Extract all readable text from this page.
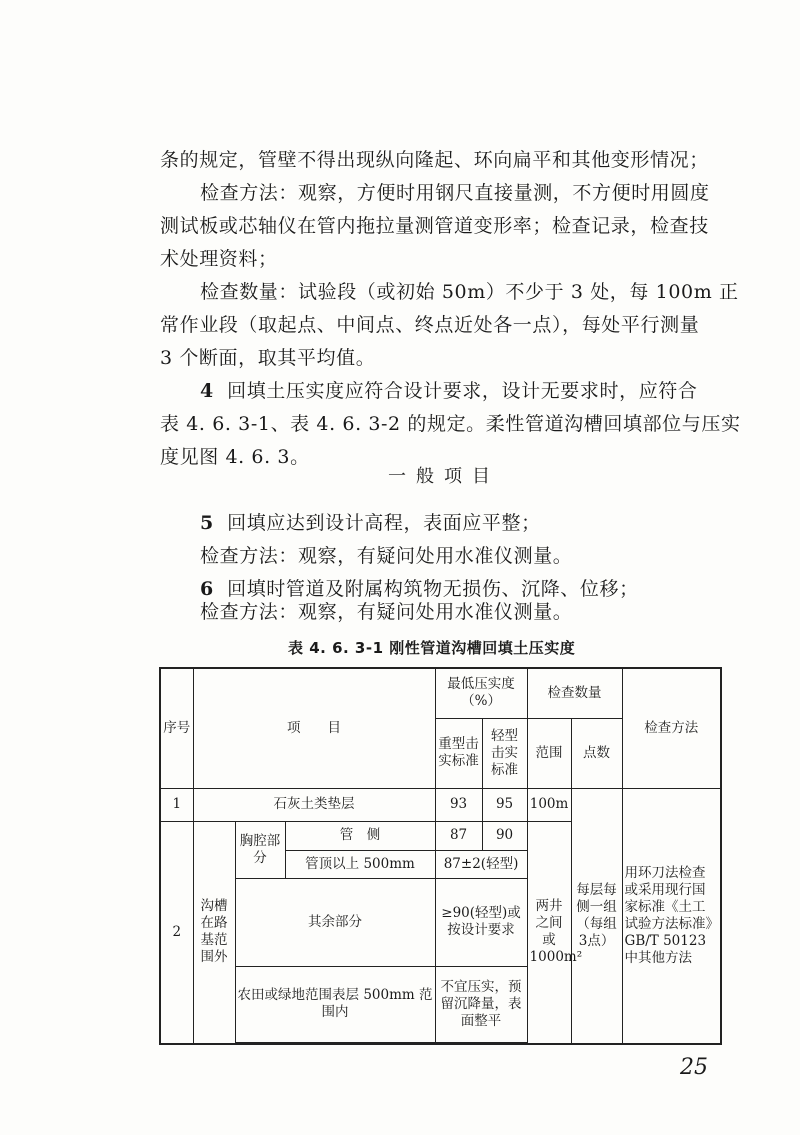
条的规定，管壁不得出现纵向隆起、环向扁平和其他变形情况；
检查方法：观察，方便时用钢尺直接量测，不方便时用圆度
测试板或芯轴仪在管内拖拉量测管道变形率；检查记录，检查技
术处理资料；
检查数量：试验段（或初始 50m）不少于 3 处，每 100m 正
常作业段（取起点、中间点、终点近处各一点），每处平行测量
3 个断面，取其平均值。
4 回填土压实度应符合设计要求，设计无要求时，应符合
表 4. 6. 3-1、表 4. 6. 3-2 的规定。柔性管道沟槽回填部位与压实
度见图 4. 6. 3。
一般项目
5 回填应达到设计高程，表面应平整；
检查方法：观察，有疑问处用水准仪测量。
6 回填时管道及附属构筑物无损伤、沉降、位移；
检查方法：观察，有疑问处用水准仪测量。
表 4. 6. 3-1 刚性管道沟槽回填土压实度
序号	项　　目			最低压实度（%）		检查数量		检查方法
				重型击实标准	轻型击实标准	范围	点数	
1	石灰土类垫层			93	95	100m	每层每侧一组（每组3点）	用环刀法检查或采用现行国家标准《土工试验方法标准》GB/T 50123中其他方法
2	沟槽在路基范围外	胸腔部分	管　侧	87	90	两井之间或1000m²		
			管顶以上 500mm	87±2(轻型)				
		其余部分		≥90(轻型)或按设计要求				
		农田或绿地范围表层 500mm 范围内		不宜压实，预留沉降量，表面整平				

25
